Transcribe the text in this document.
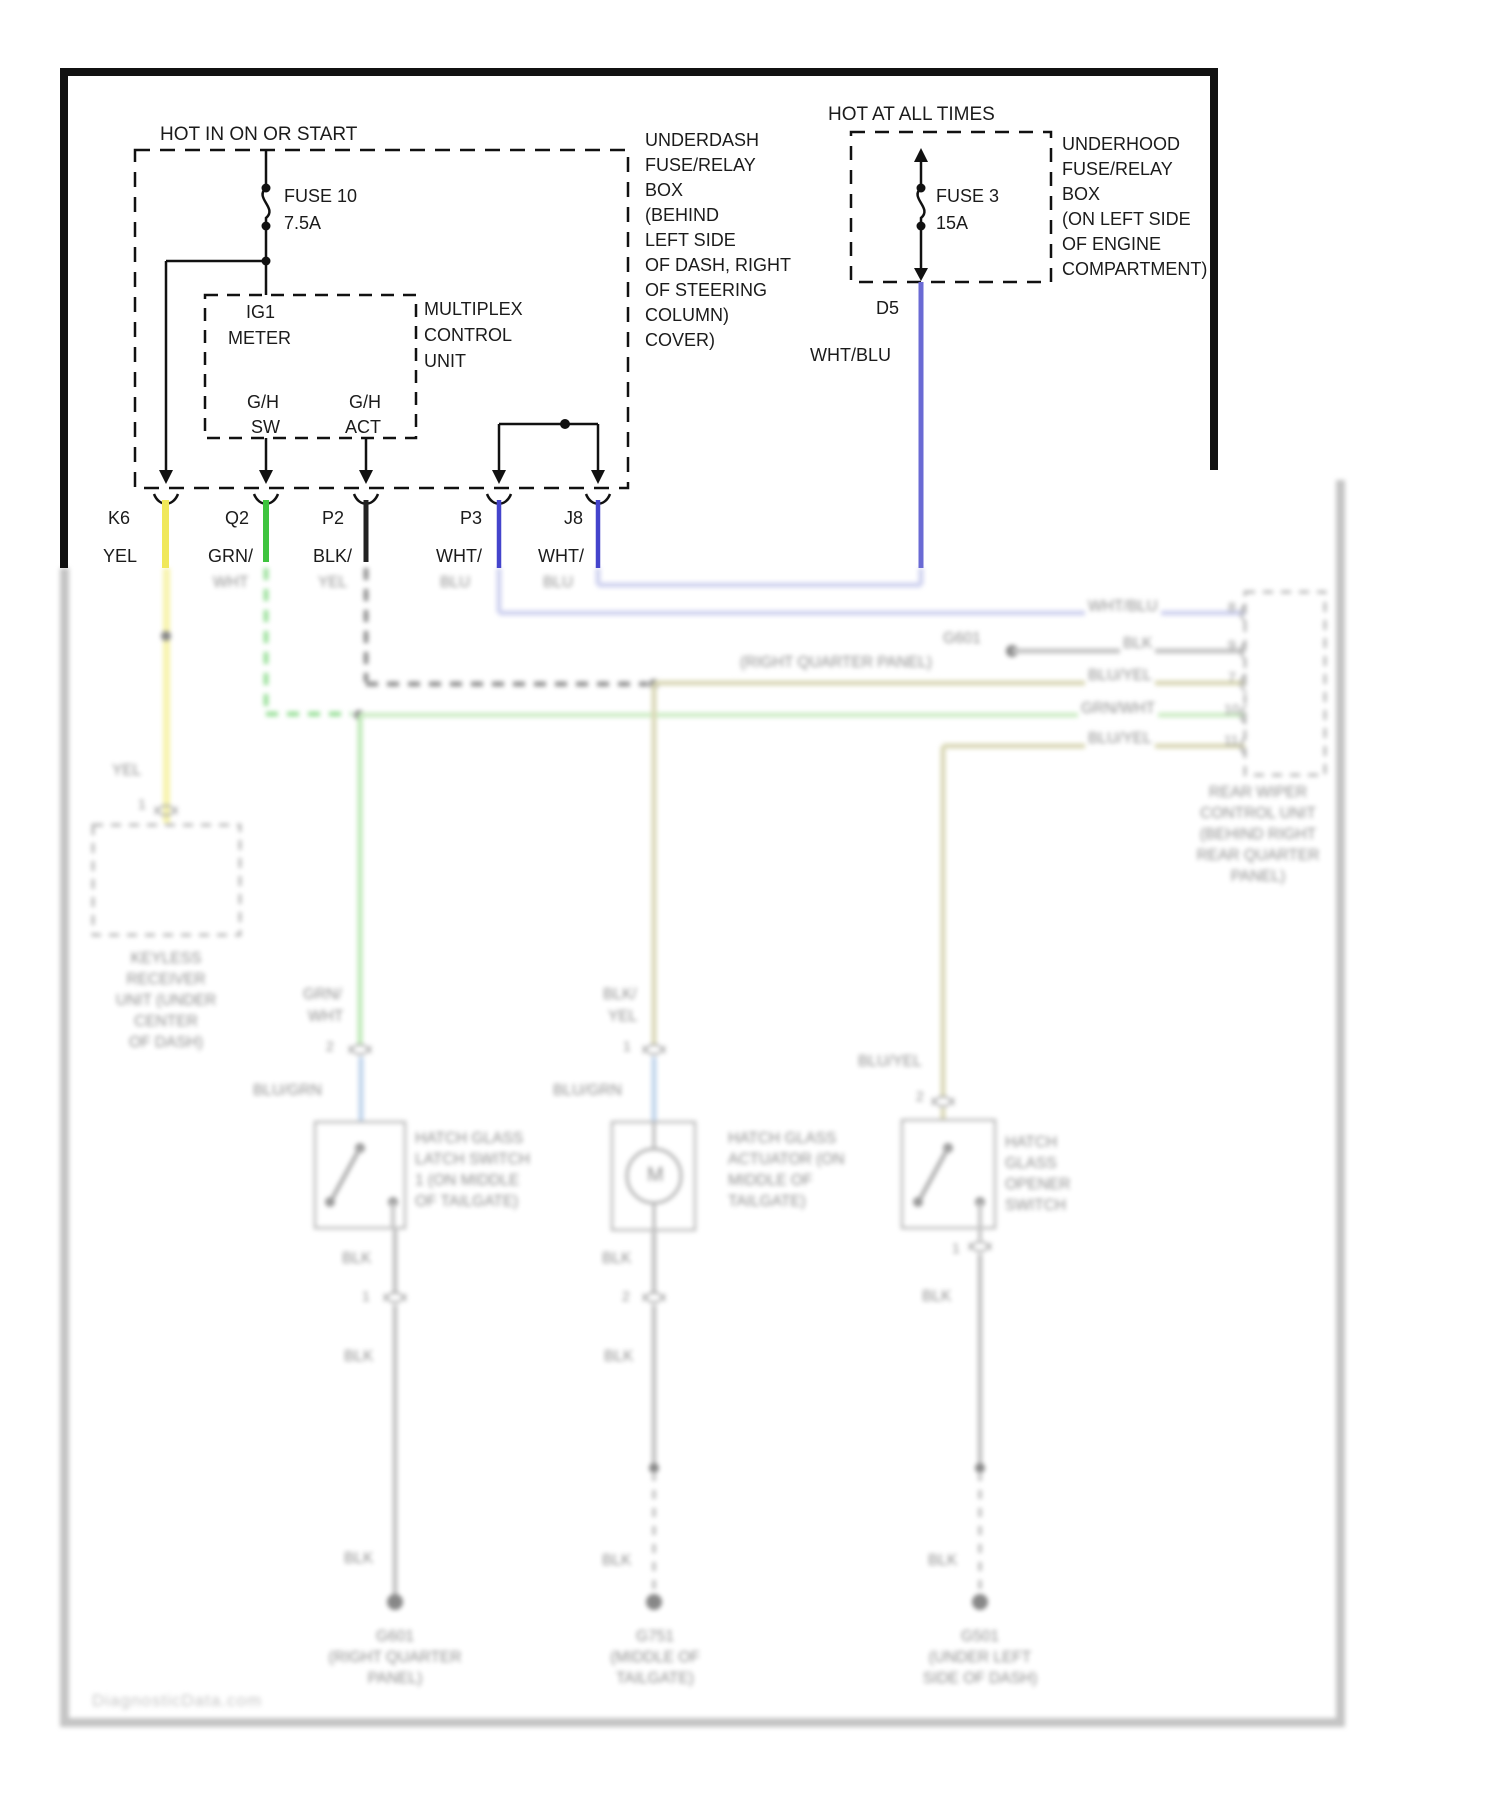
WHT	YEL	BLU	BLU
YEL
1
KEYLESS
RECEIVER
UNIT (UNDER
CENTER
OF DASH)
G601
(RIGHT QUARTER PANEL)
WHT/BLU	8
BLK	9
BLU/YEL	7
GRN/WHT	10
BLU/YEL	11
REAR WIPER
CONTROL UNIT
(BEHIND RIGHT
REAR QUARTER
PANEL)
GRN/
WHT
2
BLU/GRN
HATCH GLASS
LATCH SWITCH
1 (ON MIDDLE
OF TAILGATE)
BLK/
YEL
1
BLU/GRN
M
HATCH GLASS
ACTUATOR (ON
MIDDLE OF
TAILGATE)
BLU/YEL
2
HATCH
GLASS
OPENER
SWITCH
BLK
1
BLK
BLK
G601
(RIGHT QUARTER
PANEL)
BLK
2
BLK
BLK
G751
(MIDDLE OF
TAILGATE)
1
BLK
BLK
G501
(UNDER LEFT
SIDE OF DASH)
DiagnosticData.com
HOT IN ON OR START
FUSE 10
7.5A
UNDERDASH
FUSE/RELAY
BOX
(BEHIND
LEFT SIDE
OF DASH, RIGHT
OF STEERING
COLUMN)
COVER)
IG1
METER
MULTIPLEX
CONTROL
UNIT
G/H
SW
G/H
ACT
HOT AT ALL TIMES
FUSE 3
15A
UNDERHOOD
FUSE/RELAY
BOX
(ON LEFT SIDE
OF ENGINE
COMPARTMENT)
D5
WHT/BLU
K6	Q2	P2	P3	J8
YEL	GRN/	BLK/	WHT/	WHT/
